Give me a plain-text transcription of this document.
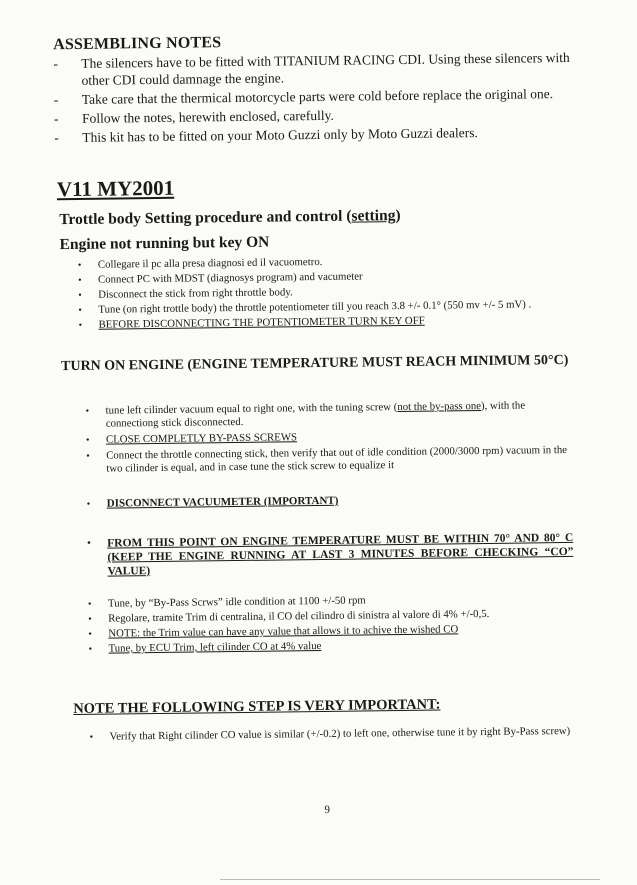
ASSEMBLING NOTES
-	The silencers have to be fitted with TITANIUM RACING CDI. Using these silencers with other CDI could damnage the engine.
-	Take care that the thermical motorcycle parts were cold before replace the original one.
-	Follow the notes, herewith enclosed, carefully.
-	This kit has to be fitted on your Moto Guzzi only by Moto Guzzi dealers.
V11 MY2001
Trottle body Setting procedure and control (setting)
Engine not running but key ON
•	Collegare il pc alla presa diagnosi ed il vacuometro.
•	Connect PC with MDST (diagnosys program) and vacumeter
•	Disconnect the stick from right throttle body.
•	Tune (on right trottle body) the throttle potentiometer till you reach 3.8 +/- 0.1° (550 mv +/- 5 mV) .
•	BEFORE DISCONNECTING THE POTENTIOMETER TURN KEY OFF
TURN ON ENGINE (ENGINE TEMPERATURE MUST REACH MINIMUM 50°C)
•	tune left cilinder vacuum equal to right one, with the tuning screw (not the by-pass one), with the connectiong stick disconnected.
•	CLOSE COMPLETLY BY-PASS SCREWS
•	Connect the throttle connecting stick, then verify that out of idle condition (2000/3000 rpm) vacuum in the two cilinder is equal, and in case tune the stick screw to equalize it
•	DISCONNECT VACUUMETER (IMPORTANT)
•	FROM THIS POINT ON ENGINE TEMPERATURE MUST BE WITHIN 70° AND 80° C (KEEP THE ENGINE RUNNING AT LAST 3 MINUTES BEFORE CHECKING “CO” VALUE)
•	Tune, by “By-Pass Scrws” idle condition at 1100 +/-50 rpm
•	Regolare, tramite Trim di centralina, il CO del cilindro di sinistra al valore di 4% +/-0,5.
•	NOTE: the Trim value can have any value that allows it to achive the wished CO
•	Tune, by ECU Trim, left cilinder CO at 4% value
NOTE THE FOLLOWING STEP IS VERY IMPORTANT:
•	Verify that Right cilinder CO value is similar (+/-0.2) to left one, otherwise tune it by right By-Pass screw)
9
